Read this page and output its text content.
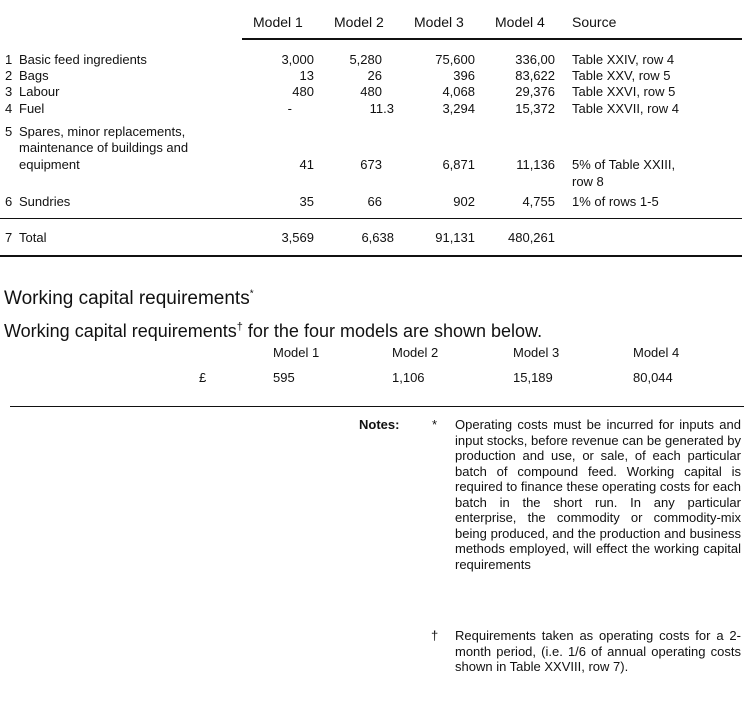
Model 1 Model 2 Model 3 Model 4 Source
1 Basic feed ingredients	3,000	5,280	75,600	336,00 Table XXIV, row 4
2 Bags	13	26	396	83,622 Table XXV, row 5
3 Labour	480	480	4,068	29,376 Table XXVI, row 5
4 Fuel	-	11.3	3,294	15,372 Table XXVII, row 4
5 Spares, minor replacements,
maintenance of buildings and
equipment	41	673	6,871	11,136 5% of Table XXIII,
row 8
6 Sundries	35	66	902	4,755 1% of rows 1-5
7 Total	3,569	6,638	91,131	480,261
Working capital requirements*
Working capital requirements† for the four models are shown below.
Model 1	Model 2	Model 3	Model 4
£	595	1,106	15,189	80,044
Notes:	* Operating costs must be incurred for inputs and input stocks, before revenue can be generated by production and use, or sale, of each particular batch of compound feed. Working capital is required to finance these operating costs for each batch in the short run. In any particular enterprise, the commodity or commodity-mix being produced, and the production and business methods employed, will effect the working capital requirements
† Requirements taken as operating costs for a 2-month period, (i.e. 1/6 of annual operating costs shown in Table XXVIII, row 7).
